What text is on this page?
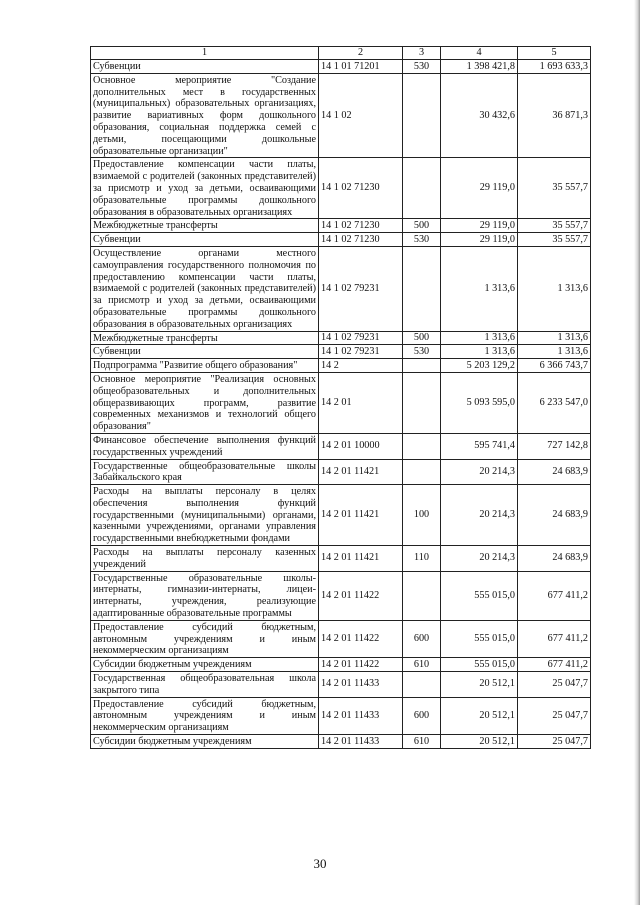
1	2	3	4	5
Субвенции	14 1 01 71201	530	1 398 421,8	1 693 633,3
Основное мероприятие "Создание дополнительных мест в государственных (муниципальных) образовательных организациях, развитие вариативных форм дошкольного образования, социальная поддержка семей с детьми, посещающими дошкольные образовательные организации"	14 1 02		30 432,6	36 871,3
Предоставление компенсации части платы, взимаемой с родителей (законных представителей) за присмотр и уход за детьми, осваивающими образовательные программы дошкольного образования в образовательных организациях	14 1 02 71230		29 119,0	35 557,7
Межбюджетные трансферты	14 1 02 71230	500	29 119,0	35 557,7
Субвенции	14 1 02 71230	530	29 119,0	35 557,7
Осуществление органами местного самоуправления государственного полномочия по предоставлению компенсации части платы, взимаемой с родителей (законных представителей) за присмотр и уход за детьми, осваивающими образовательные программы дошкольного образования в образовательных организациях	14 1 02 79231		1 313,6	1 313,6
Межбюджетные трансферты	14 1 02 79231	500	1 313,6	1 313,6
Субвенции	14 1 02 79231	530	1 313,6	1 313,6
Подпрограмма "Развитие общего образования"	14 2		5 203 129,2	6 366 743,7
Основное мероприятие "Реализация основных общеобразовательных и дополнительных общеразвивающих программ, развитие современных механизмов и технологий общего образования"	14 2 01		5 093 595,0	6 233 547,0
Финансовое обеспечение выполнения функций государственных учреждений	14 2 01 10000		595 741,4	727 142,8
Государственные общеобразовательные школы Забайкальского края	14 2 01 11421		20 214,3	24 683,9
Расходы на выплаты персоналу в целях обеспечения выполнения функций государственными (муниципальными) органами, казенными учреждениями, органами управления государственными внебюджетными фондами	14 2 01 11421	100	20 214,3	24 683,9
Расходы на выплаты персоналу казенных учреждений	14 2 01 11421	110	20 214,3	24 683,9
Государственные образовательные школы-интернаты, гимназии-интернаты, лицеи-интернаты, учреждения, реализующие адаптированные образовательные программы	14 2 01 11422		555 015,0	677 411,2
Предоставление субсидий бюджетным, автономным учреждениям и иным некоммерческим организациям	14 2 01 11422	600	555 015,0	677 411,2
Субсидии бюджетным учреждениям	14 2 01 11422	610	555 015,0	677 411,2
Государственная общеобразовательная школа закрытого типа	14 2 01 11433		20 512,1	25 047,7
Предоставление субсидий бюджетным, автономным учреждениям и иным некоммерческим организациям	14 2 01 11433	600	20 512,1	25 047,7
Субсидии бюджетным учреждениям	14 2 01 11433	610	20 512,1	25 047,7
30
